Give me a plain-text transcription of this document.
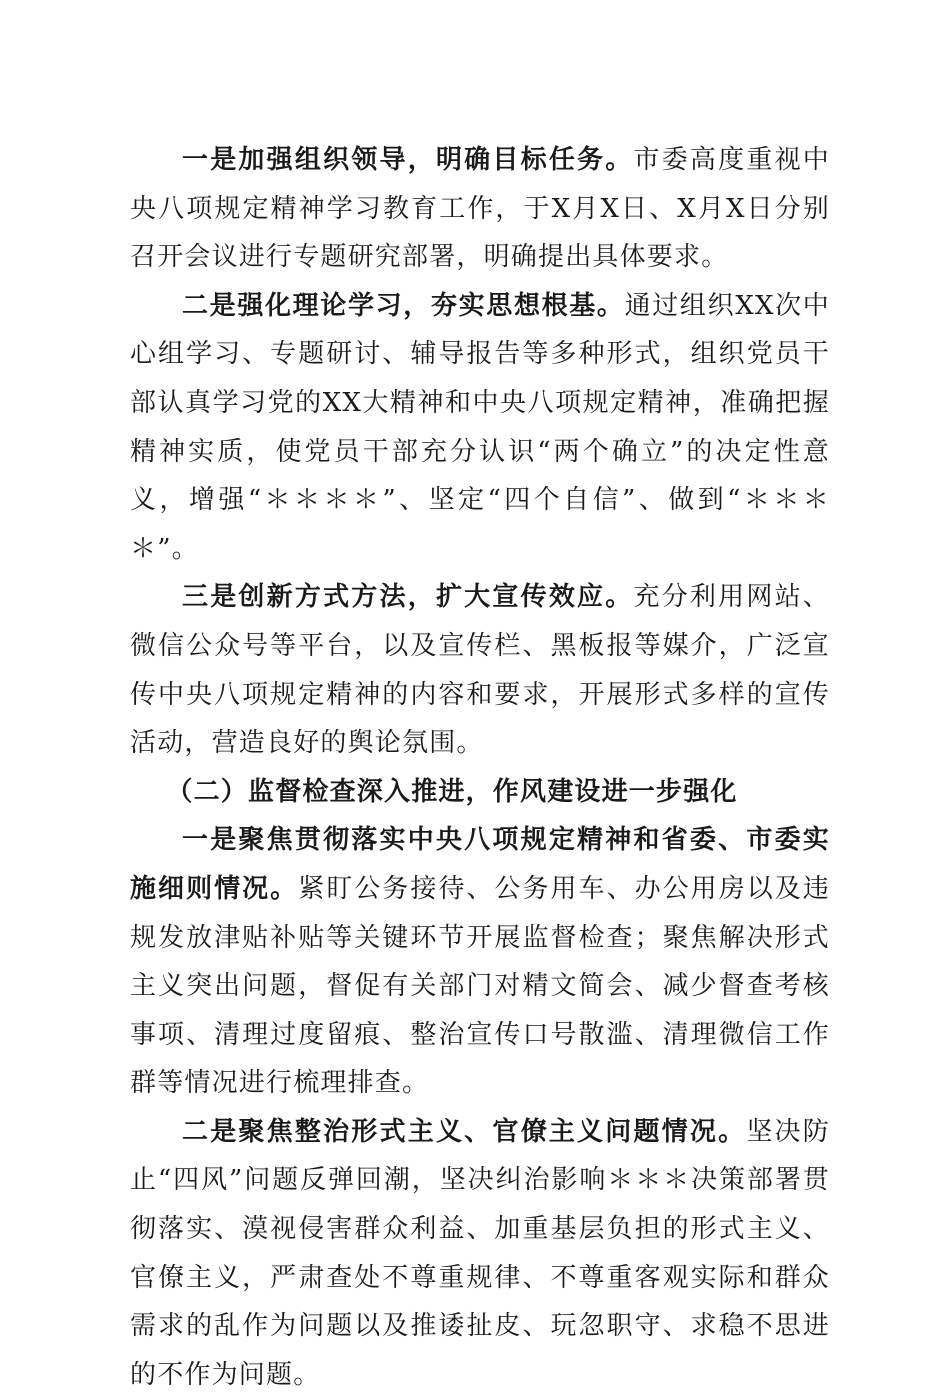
一是加强组织领导，明确目标任务。市委高度重视中央八项规定精神学习教育工作，于X月X日、X月X日分别召开会议进行专题研究部署，明确提出具体要求。

二是强化理论学习，夯实思想根基。通过组织XX次中心组学习、专题研讨、辅导报告等多种形式，组织党员干部认真学习党的XX大精神和中央八项规定精神，准确把握精神实质，使党员干部充分认识“两个确立”的决定性意义，增强“＊＊＊＊”、坚定“四个自信”、做到“＊＊＊＊”。

三是创新方式方法，扩大宣传效应。充分利用网站、微信公众号等平台，以及宣传栏、黑板报等媒介，广泛宣传中央八项规定精神的内容和要求，开展形式多样的宣传活动，营造良好的舆论氛围。

（二）监督检查深入推进，作风建设进一步强化

一是聚焦贯彻落实中央八项规定精神和省委、市委实施细则情况。紧盯公务接待、公务用车、办公用房以及违规发放津贴补贴等关键环节开展监督检查；聚焦解决形式主义突出问题，督促有关部门对精文简会、减少督查考核事项、清理过度留痕、整治宣传口号散滥、清理微信工作群等情况进行梳理排查。

二是聚焦整治形式主义、官僚主义问题情况。坚决防止“四风”问题反弹回潮，坚决纠治影响＊＊＊决策部署贯彻落实、漠视侵害群众利益、加重基层负担的形式主义、官僚主义，严肃查处不尊重规律、不尊重客观实际和群众需求的乱作为问题以及推诿扯皮、玩忽职守、求稳不思进的不作为问题。
